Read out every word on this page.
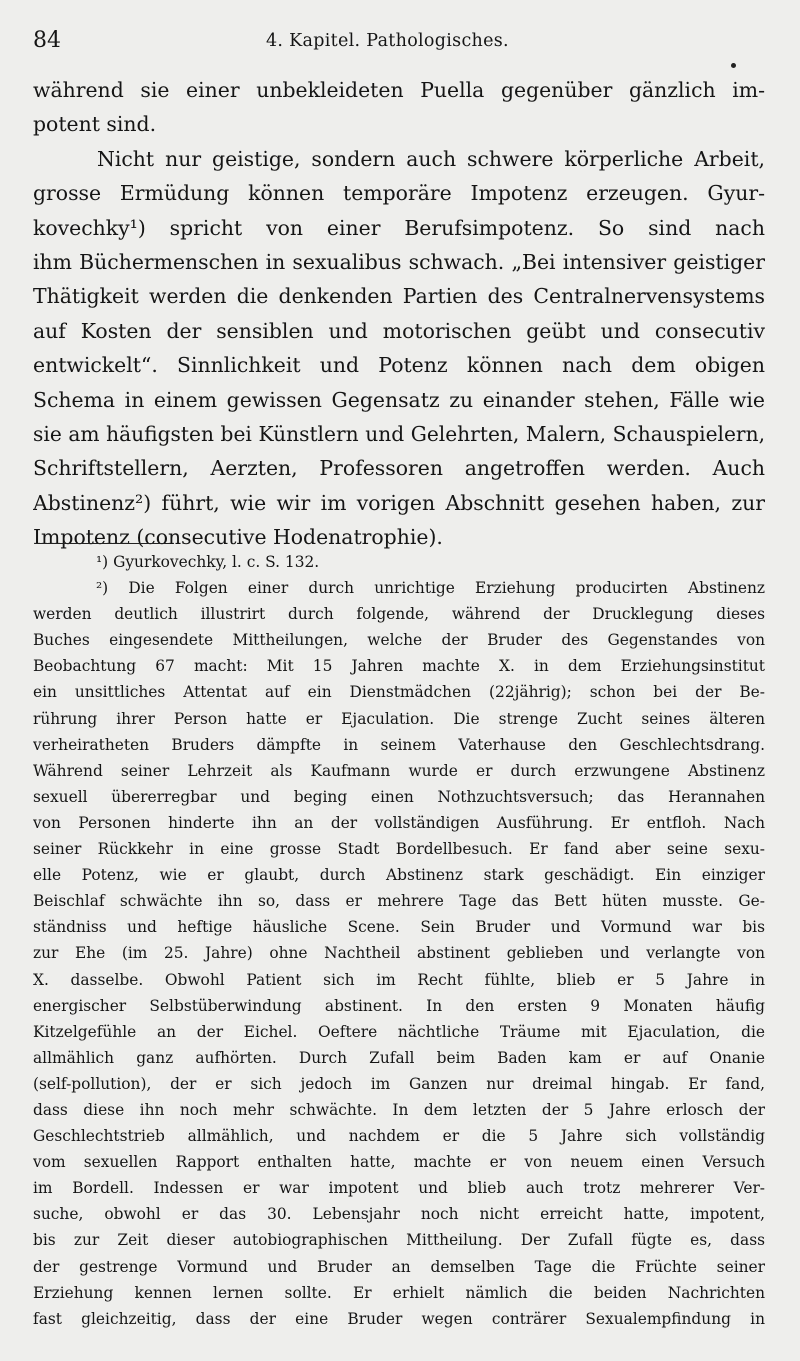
84	4. Kapitel. Pathologisches.
während sie einer unbekleideten Puella gegenüber gänzlich im-
potent sind.
Nicht nur geistige, sondern auch schwere körperliche Arbeit,
grosse Ermüdung können temporäre Impotenz erzeugen. Gyur-
kovechky¹) spricht von einer Berufsimpotenz. So sind nach
ihm Büchermenschen in sexualibus schwach. „Bei intensiver geistiger
Thätigkeit werden die denkenden Partien des Centralnervensystems
auf Kosten der sensiblen und motorischen geübt und consecutiv
entwickelt“. Sinnlichkeit und Potenz können nach dem obigen
Schema in einem gewissen Gegensatz zu einander stehen, Fälle wie
sie am häufigsten bei Künstlern und Gelehrten, Malern, Schauspielern,
Schriftstellern, Aerzten, Professoren angetroffen werden. Auch
Abstinenz²) führt, wie wir im vorigen Abschnitt gesehen haben, zur
Impotenz (consecutive Hodenatrophie).
¹) Gyurkovechky, l. c. S. 132.
²) Die Folgen einer durch unrichtige Erziehung producirten Abstinenz
werden deutlich illustrirt durch folgende, während der Drucklegung dieses
Buches eingesendete Mittheilungen, welche der Bruder des Gegenstandes von
Beobachtung 67 macht: Mit 15 Jahren machte X. in dem Erziehungsinstitut
ein unsittliches Attentat auf ein Dienstmädchen (22jährig); schon bei der Be-
rührung ihrer Person hatte er Ejaculation. Die strenge Zucht seines älteren
verheiratheten Bruders dämpfte in seinem Vaterhause den Geschlechtsdrang.
Während seiner Lehrzeit als Kaufmann wurde er durch erzwungene Abstinenz
sexuell übererregbar und beging einen Nothzuchtsversuch; das Herannahen
von Personen hinderte ihn an der vollständigen Ausführung. Er entfloh. Nach
seiner Rückkehr in eine grosse Stadt Bordellbesuch. Er fand aber seine sexu-
elle Potenz, wie er glaubt, durch Abstinenz stark geschädigt. Ein einziger
Beischlaf schwächte ihn so, dass er mehrere Tage das Bett hüten musste. Ge-
ständniss und heftige häusliche Scene. Sein Bruder und Vormund war bis
zur Ehe (im 25. Jahre) ohne Nachtheil abstinent geblieben und verlangte von
X. dasselbe. Obwohl Patient sich im Recht fühlte, blieb er 5 Jahre in
energischer Selbstüberwindung abstinent. In den ersten 9 Monaten häufig
Kitzelgefühle an der Eichel. Oeftere nächtliche Träume mit Ejaculation, die
allmählich ganz aufhörten. Durch Zufall beim Baden kam er auf Onanie
(self-pollution), der er sich jedoch im Ganzen nur dreimal hingab. Er fand,
dass diese ihn noch mehr schwächte. In dem letzten der 5 Jahre erlosch der
Geschlechtstrieb allmählich, und nachdem er die 5 Jahre sich vollständig
vom sexuellen Rapport enthalten hatte, machte er von neuem einen Versuch
im Bordell. Indessen er war impotent und blieb auch trotz mehrerer Ver-
suche, obwohl er das 30. Lebensjahr noch nicht erreicht hatte, impotent,
bis zur Zeit dieser autobiographischen Mittheilung. Der Zufall fügte es, dass
der gestrenge Vormund und Bruder an demselben Tage die Früchte seiner
Erziehung kennen lernen sollte. Er erhielt nämlich die beiden Nachrichten
fast gleichzeitig, dass der eine Bruder wegen conträrer Sexualempfindung in
